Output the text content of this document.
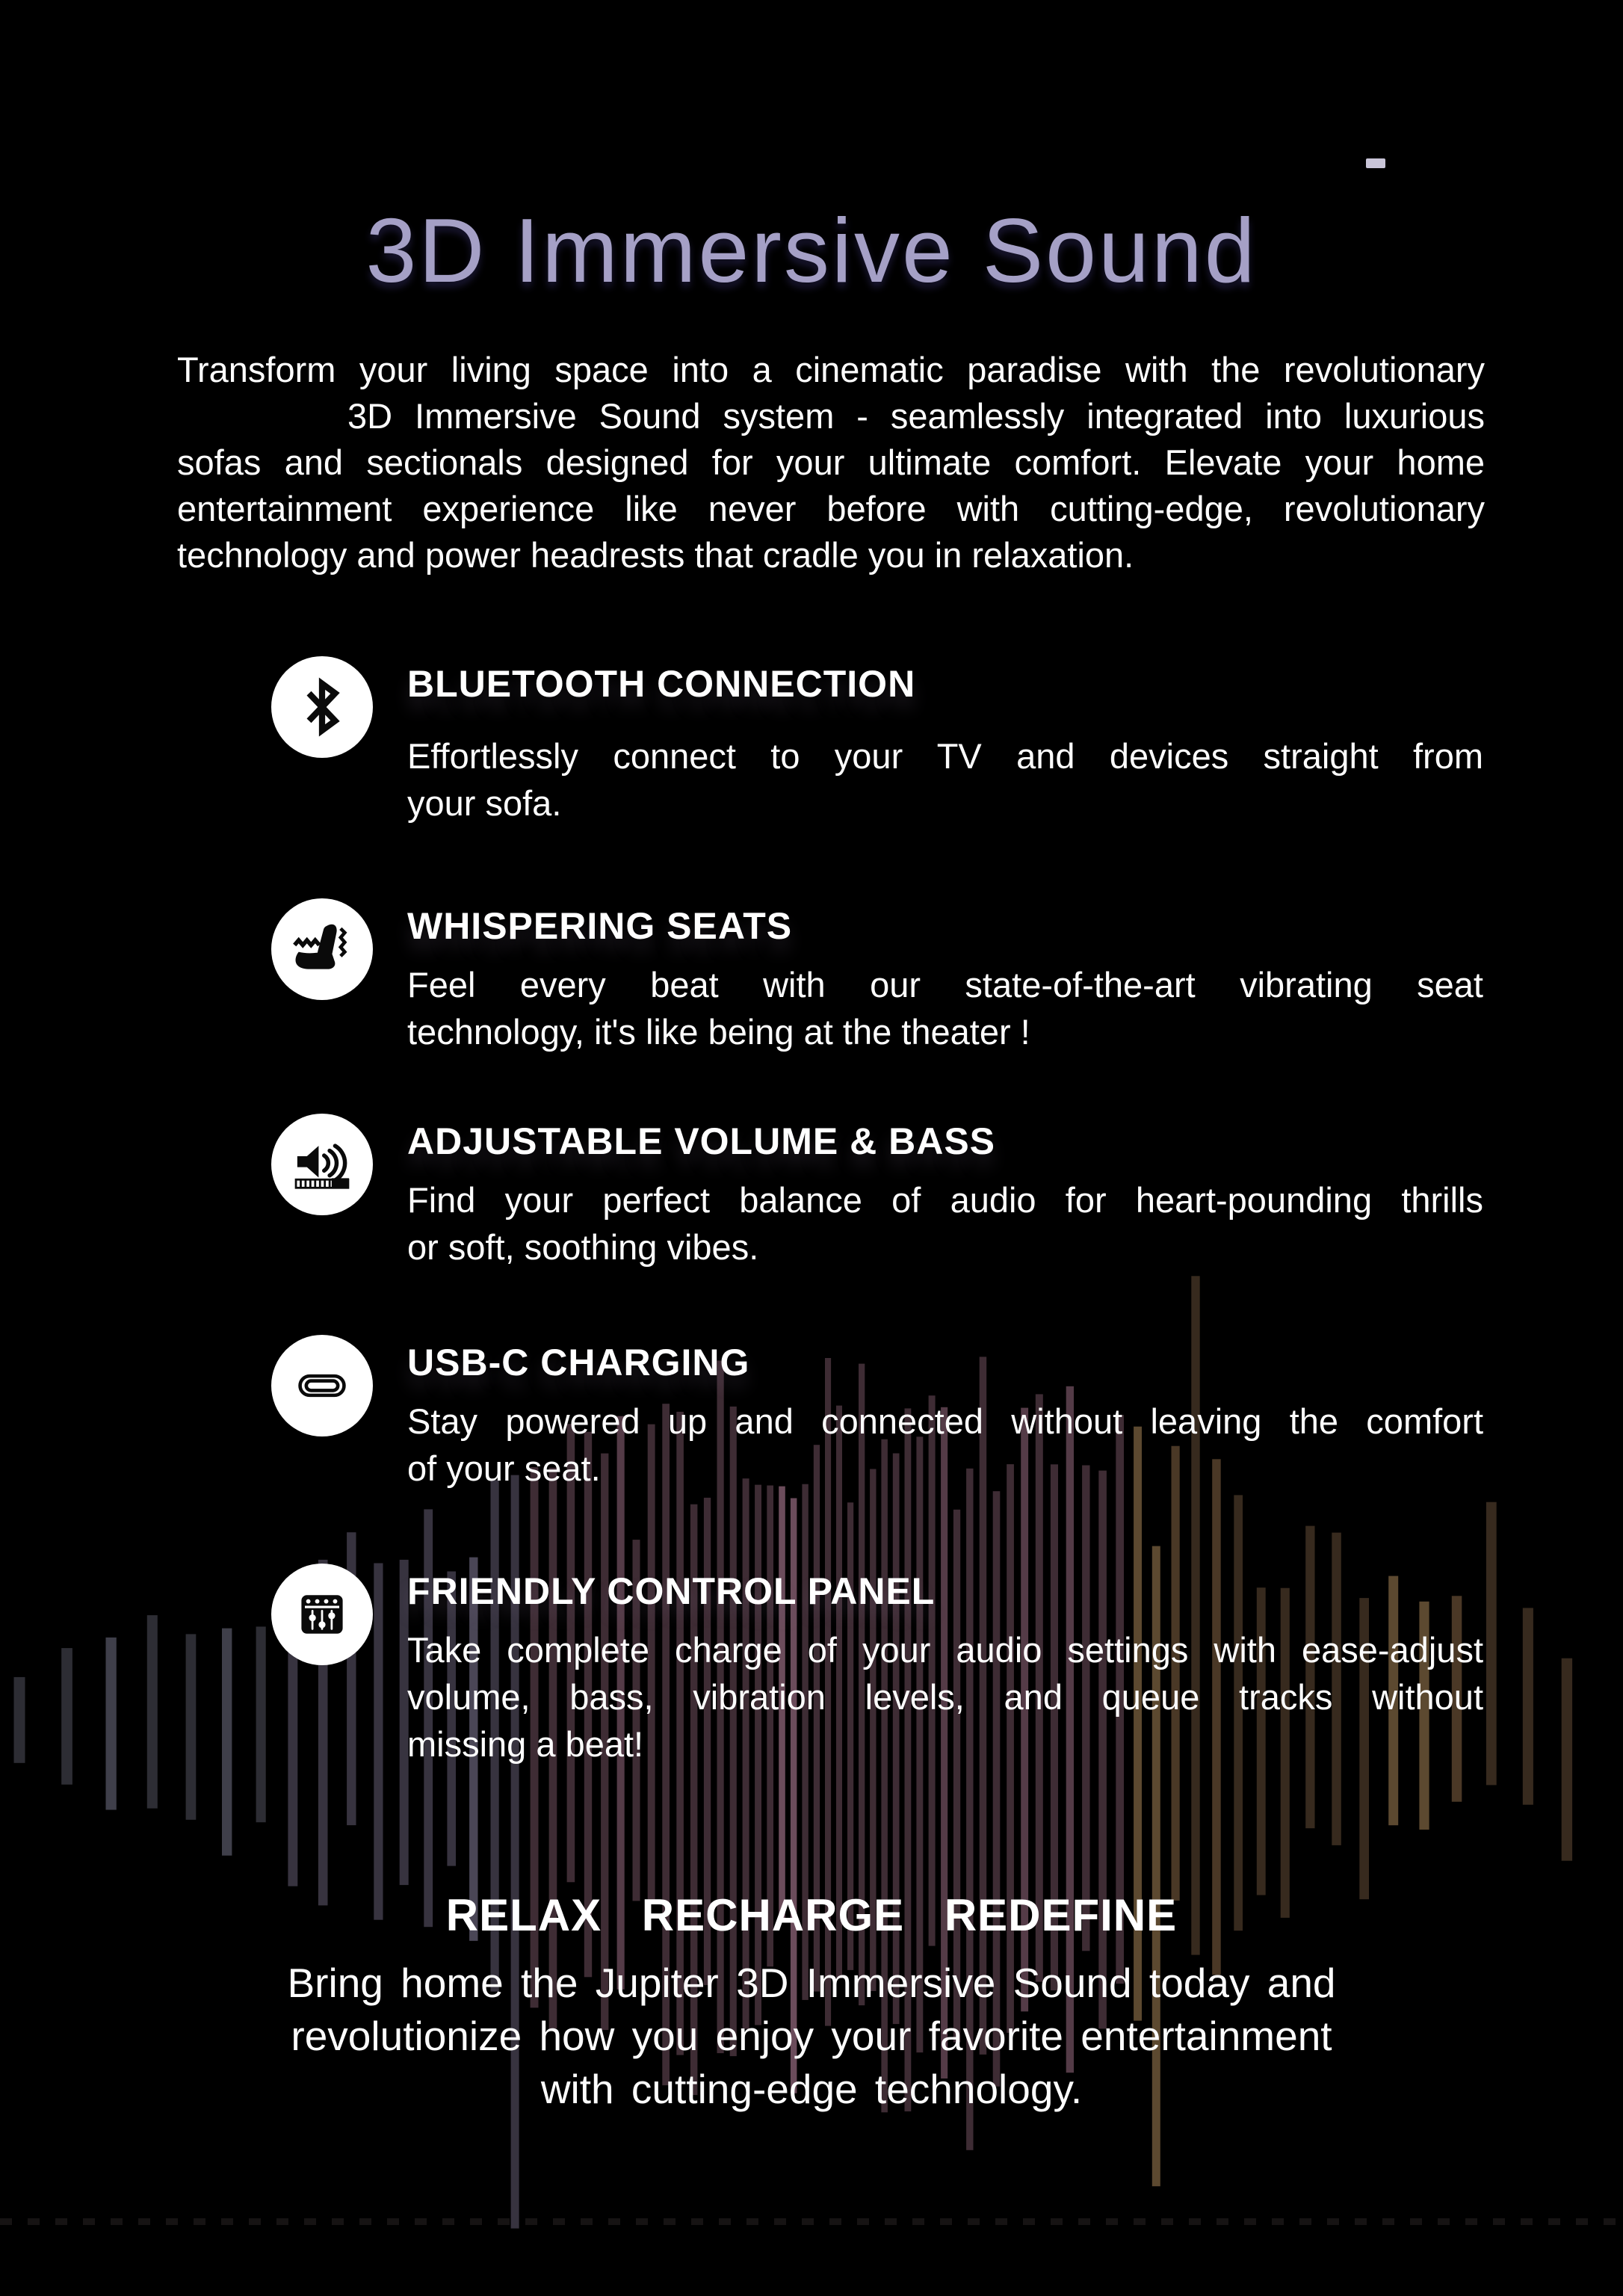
3D Immersive Sound
Transform your living space into a cinematic paradise with the revolutionary
3D Immersive Sound system - seamlessly integrated into luxurious
sofas and sectionals designed for your ultimate comfort. Elevate your home
entertainment experience like never before with cutting-edge, revolutionary
technology and power headrests that cradle you in relaxation.
BLUETOOTH CONNECTION
Effortlessly connect to your TV and devices straight from
your sofa.
WHISPERING SEATS
Feel every beat with our state-of-the-art vibrating seat
technology, it's like being at the theater !
ADJUSTABLE VOLUME & BASS
Find your perfect balance of audio for heart-pounding thrills
or soft, soothing vibes.
USB-C CHARGING
Stay powered up and connected without leaving the comfort
of your seat.
FRIENDLY CONTROL PANEL
Take complete charge of your audio settings with ease-adjust
volume, bass, vibration levels, and queue tracks without
missing a beat!
RELAX RECHARGE REDEFINE
Bring home the Jupiter 3D Immersive Sound today and
revolutionize how you enjoy your favorite entertainment
with cutting-edge technology.
